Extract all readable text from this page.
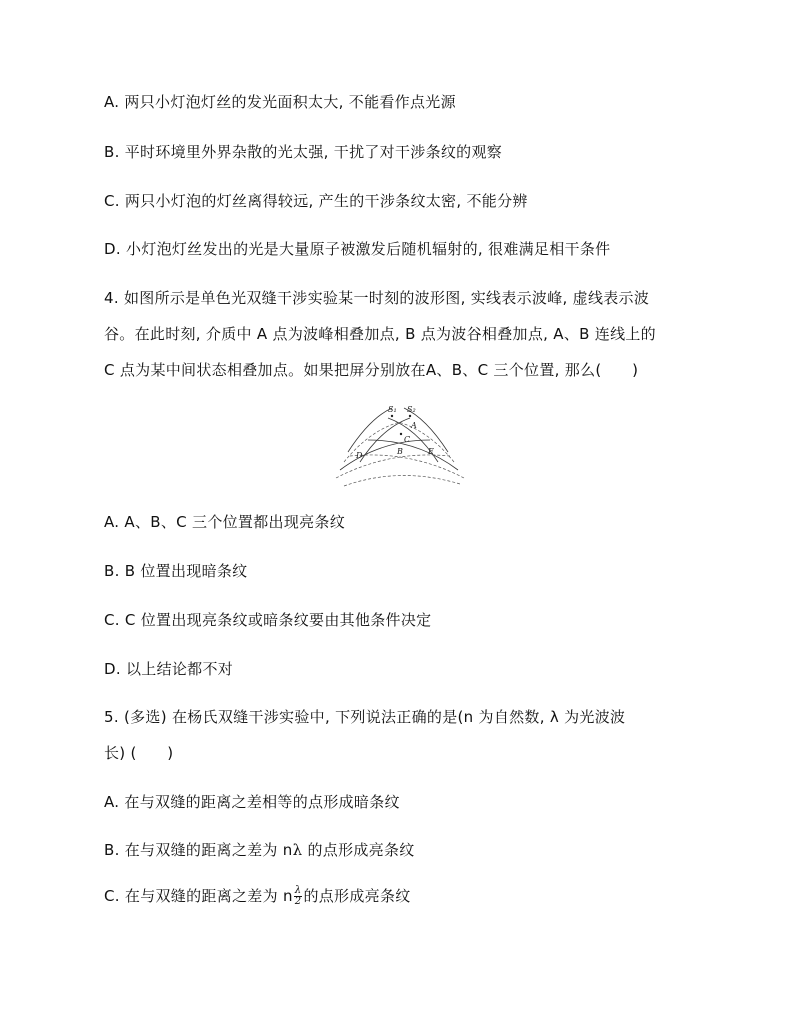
A. 两只小灯泡灯丝的发光面积太大, 不能看作点光源
B. 平时环境里外界杂散的光太强, 干扰了对干涉条纹的观察
C. 两只小灯泡的灯丝离得较远, 产生的干涉条纹太密, 不能分辨
D. 小灯泡灯丝发出的光是大量原子被激发后随机辐射的, 很难满足相干条件
4. 如图所示是单色光双缝干涉实验某一时刻的波形图, 实线表示波峰, 虚线表示波
谷。在此时刻, 介质中 A 点为波峰相叠加点, B 点为波谷相叠加点, A、B 连线上的
C 点为某中间状态相叠加点。如果把屏分别放在A、B、C 三个位置, 那么(　　)
S₁ S₂
A
C
B
D	E
A. A、B、C 三个位置都出现亮条纹
B. B 位置出现暗条纹
C. C 位置出现亮条纹或暗条纹要由其他条件决定
D. 以上结论都不对
5. (多选) 在杨氏双缝干涉实验中, 下列说法正确的是(n 为自然数, λ 为光波波
长) (　　)
A. 在与双缝的距离之差相等的点形成暗条纹
B. 在与双缝的距离之差为 nλ 的点形成亮条纹
C. 在与双缝的距离之差为 n $\frac{\lambda}{2}$ 的点形成亮条纹
